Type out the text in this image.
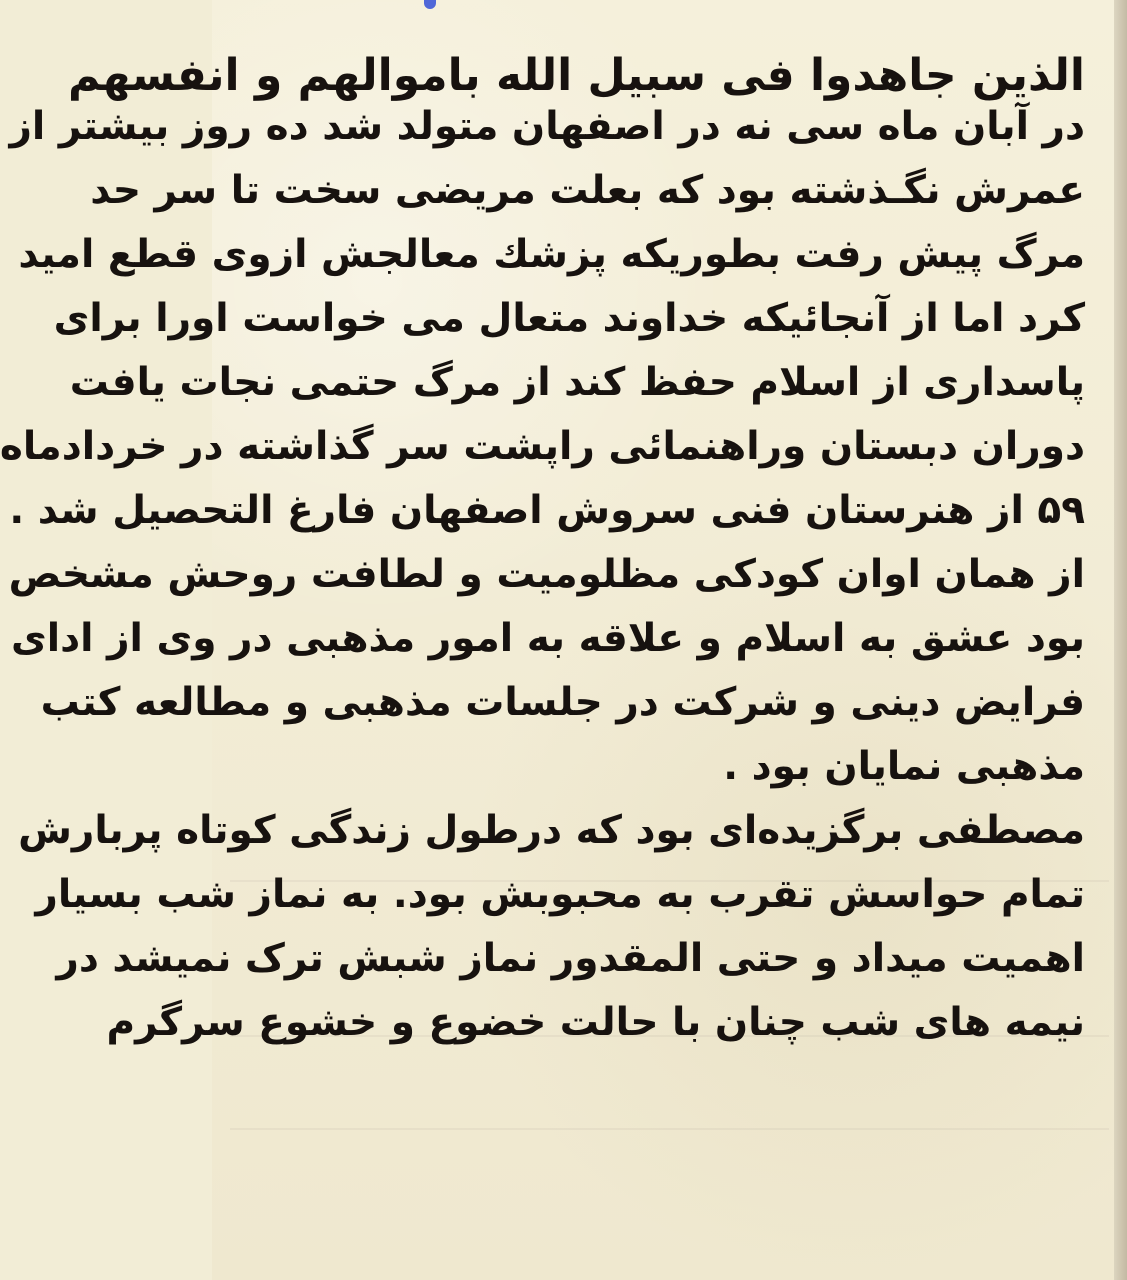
الذین جاهدوا فی سبیل الله باموالهم و انفسهم
در آبان ماه سی نه در اصفهان متولد شد ده روز بیشتر از
عمرش نگـذشته بود که بعلت مریضی سخت تا سر حد
مرگ پیش رفت بطوریکه پزشك معالجش ازوی قطع امید
کرد اما از آنجائیکه خداوند متعال می خواست اورا برای
پاسداری از اسلام حفظ کند از مرگ حتمی نجات یافت
دوران دبستان وراهنمائی راپشت سر گذاشته در خردادماه
۵۹ از هنرستان فنی سروش اصفهان فارغ التحصیل شد .
از همان اوان کودکی مظلومیت و لطافت روحش مشخص
بود عشق به اسلام و علاقه به امور مذهبی در وی از ادای
فرایض دینی و شرکت در جلسات مذهبی و مطالعه کتب
مذهبی نمایان بود .
مصطفی برگزیده‌ای بود که درطول زندگی کوتاه پربارش
تمام حواسش تقرب به محبوبش بود. به نماز شب بسیار
اهمیت میداد و حتی المقدور نماز شبش ترک نمیشد در
نیمه های شب چنان با حالت خضوع و خشوع سرگرم
